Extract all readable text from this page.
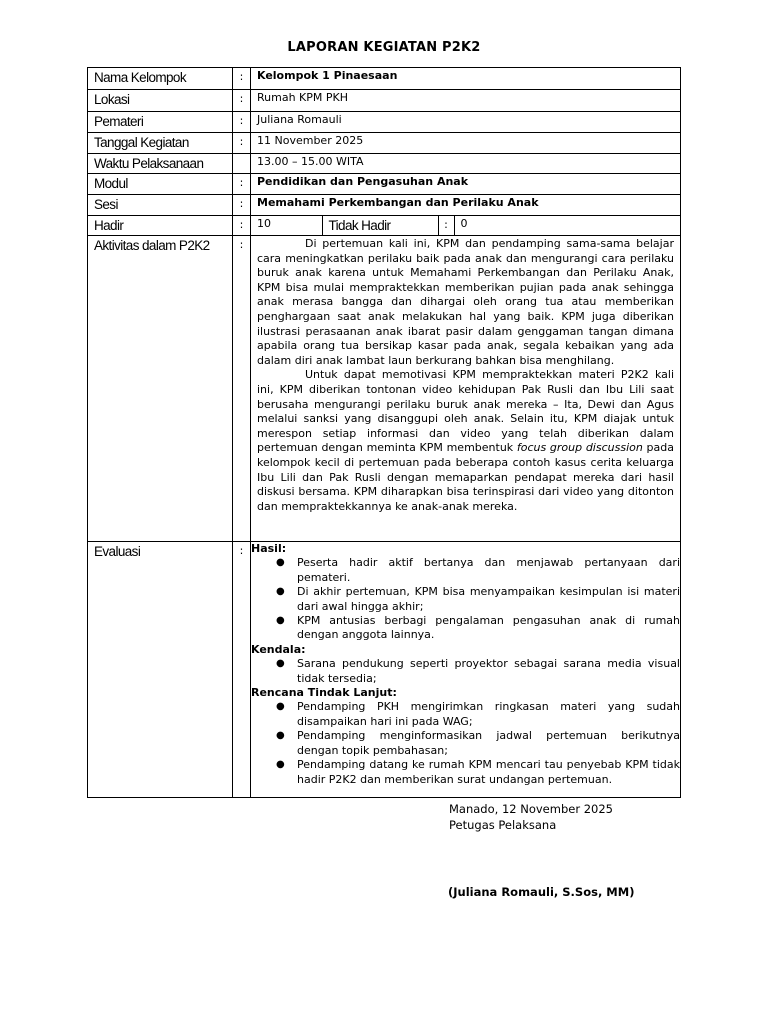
LAPORAN KEGIATAN P2K2
Nama Kelompok	:	Kelompok 1 Pinaesaan
Lokasi	:	Rumah KPM PKH
Pemateri	:	Juliana Romauli
Tanggal Kegiatan	:	11 November 2025
Waktu Pelaksanaan		13.00 – 15.00 WITA
Modul	:	Pendidikan dan Pengasuhan Anak
Sesi	:	Memahami Perkembangan dan Perilaku Anak
Hadir	:	10	Tidak Hadir	:	0

Aktivitas dalam P2K2	:	Di pertemuan kali ini, KPM dan pendamping sama-sama belajar cara meningkatkan perilaku baik pada anak dan mengurangi cara perilaku buruk anak karena untuk Memahami Perkembangan dan Perilaku Anak, KPM bisa mulai mempraktekkan memberikan pujian pada anak sehingga anak merasa bangga dan dihargai oleh orang tua atau memberikan penghargaan saat anak melakukan hal yang baik. KPM juga diberikan ilustrasi perasaanan anak ibarat pasir dalam genggaman tangan dimana apabila orang tua bersikap kasar pada anak, segala kebaikan yang ada dalam diri anak lambat laun berkurang bahkan bisa menghilang.

Untuk dapat memotivasi KPM mempraktekkan materi P2K2 kali ini, KPM diberikan tontonan video kehidupan Pak Rusli dan Ibu Lili saat berusaha mengurangi perilaku buruk anak mereka – Ita, Dewi dan Agus melalui sanksi yang disanggupi oleh anak. Selain itu, KPM diajak untuk merespon setiap informasi dan video yang telah diberikan dalam pertemuan dengan meminta KPM membentuk focus group discussion pada kelompok kecil di pertemuan pada beberapa contoh kasus cerita keluarga Ibu Lili dan Pak Rusli dengan memaparkan pendapat mereka dari hasil diskusi bersama. KPM diharapkan bisa terinspirasi dari video yang ditonton dan mempraktekkannya ke anak-anak mereka.

Evaluasi	:	Hasil:
● Peserta hadir aktif bertanya dan menjawab pertanyaan dari pemateri.
● Di akhir pertemuan, KPM bisa menyampaikan kesimpulan isi materi dari awal hingga akhir;
● KPM antusias berbagi pengalaman pengasuhan anak di rumah dengan anggota lainnya.
Kendala:
● Sarana pendukung seperti proyektor sebagai sarana media visual tidak tersedia;
Rencana Tindak Lanjut:
● Pendamping PKH mengirimkan ringkasan materi yang sudah disampaikan hari ini pada WAG;
● Pendamping menginformasikan jadwal pertemuan berikutnya dengan topik pembahasan;
● Pendamping datang ke rumah KPM mencari tau penyebab KPM tidak hadir P2K2 dan memberikan surat undangan pertemuan.
Manado, 12 November 2025
Petugas Pelaksana
(Juliana Romauli, S.Sos, MM)
